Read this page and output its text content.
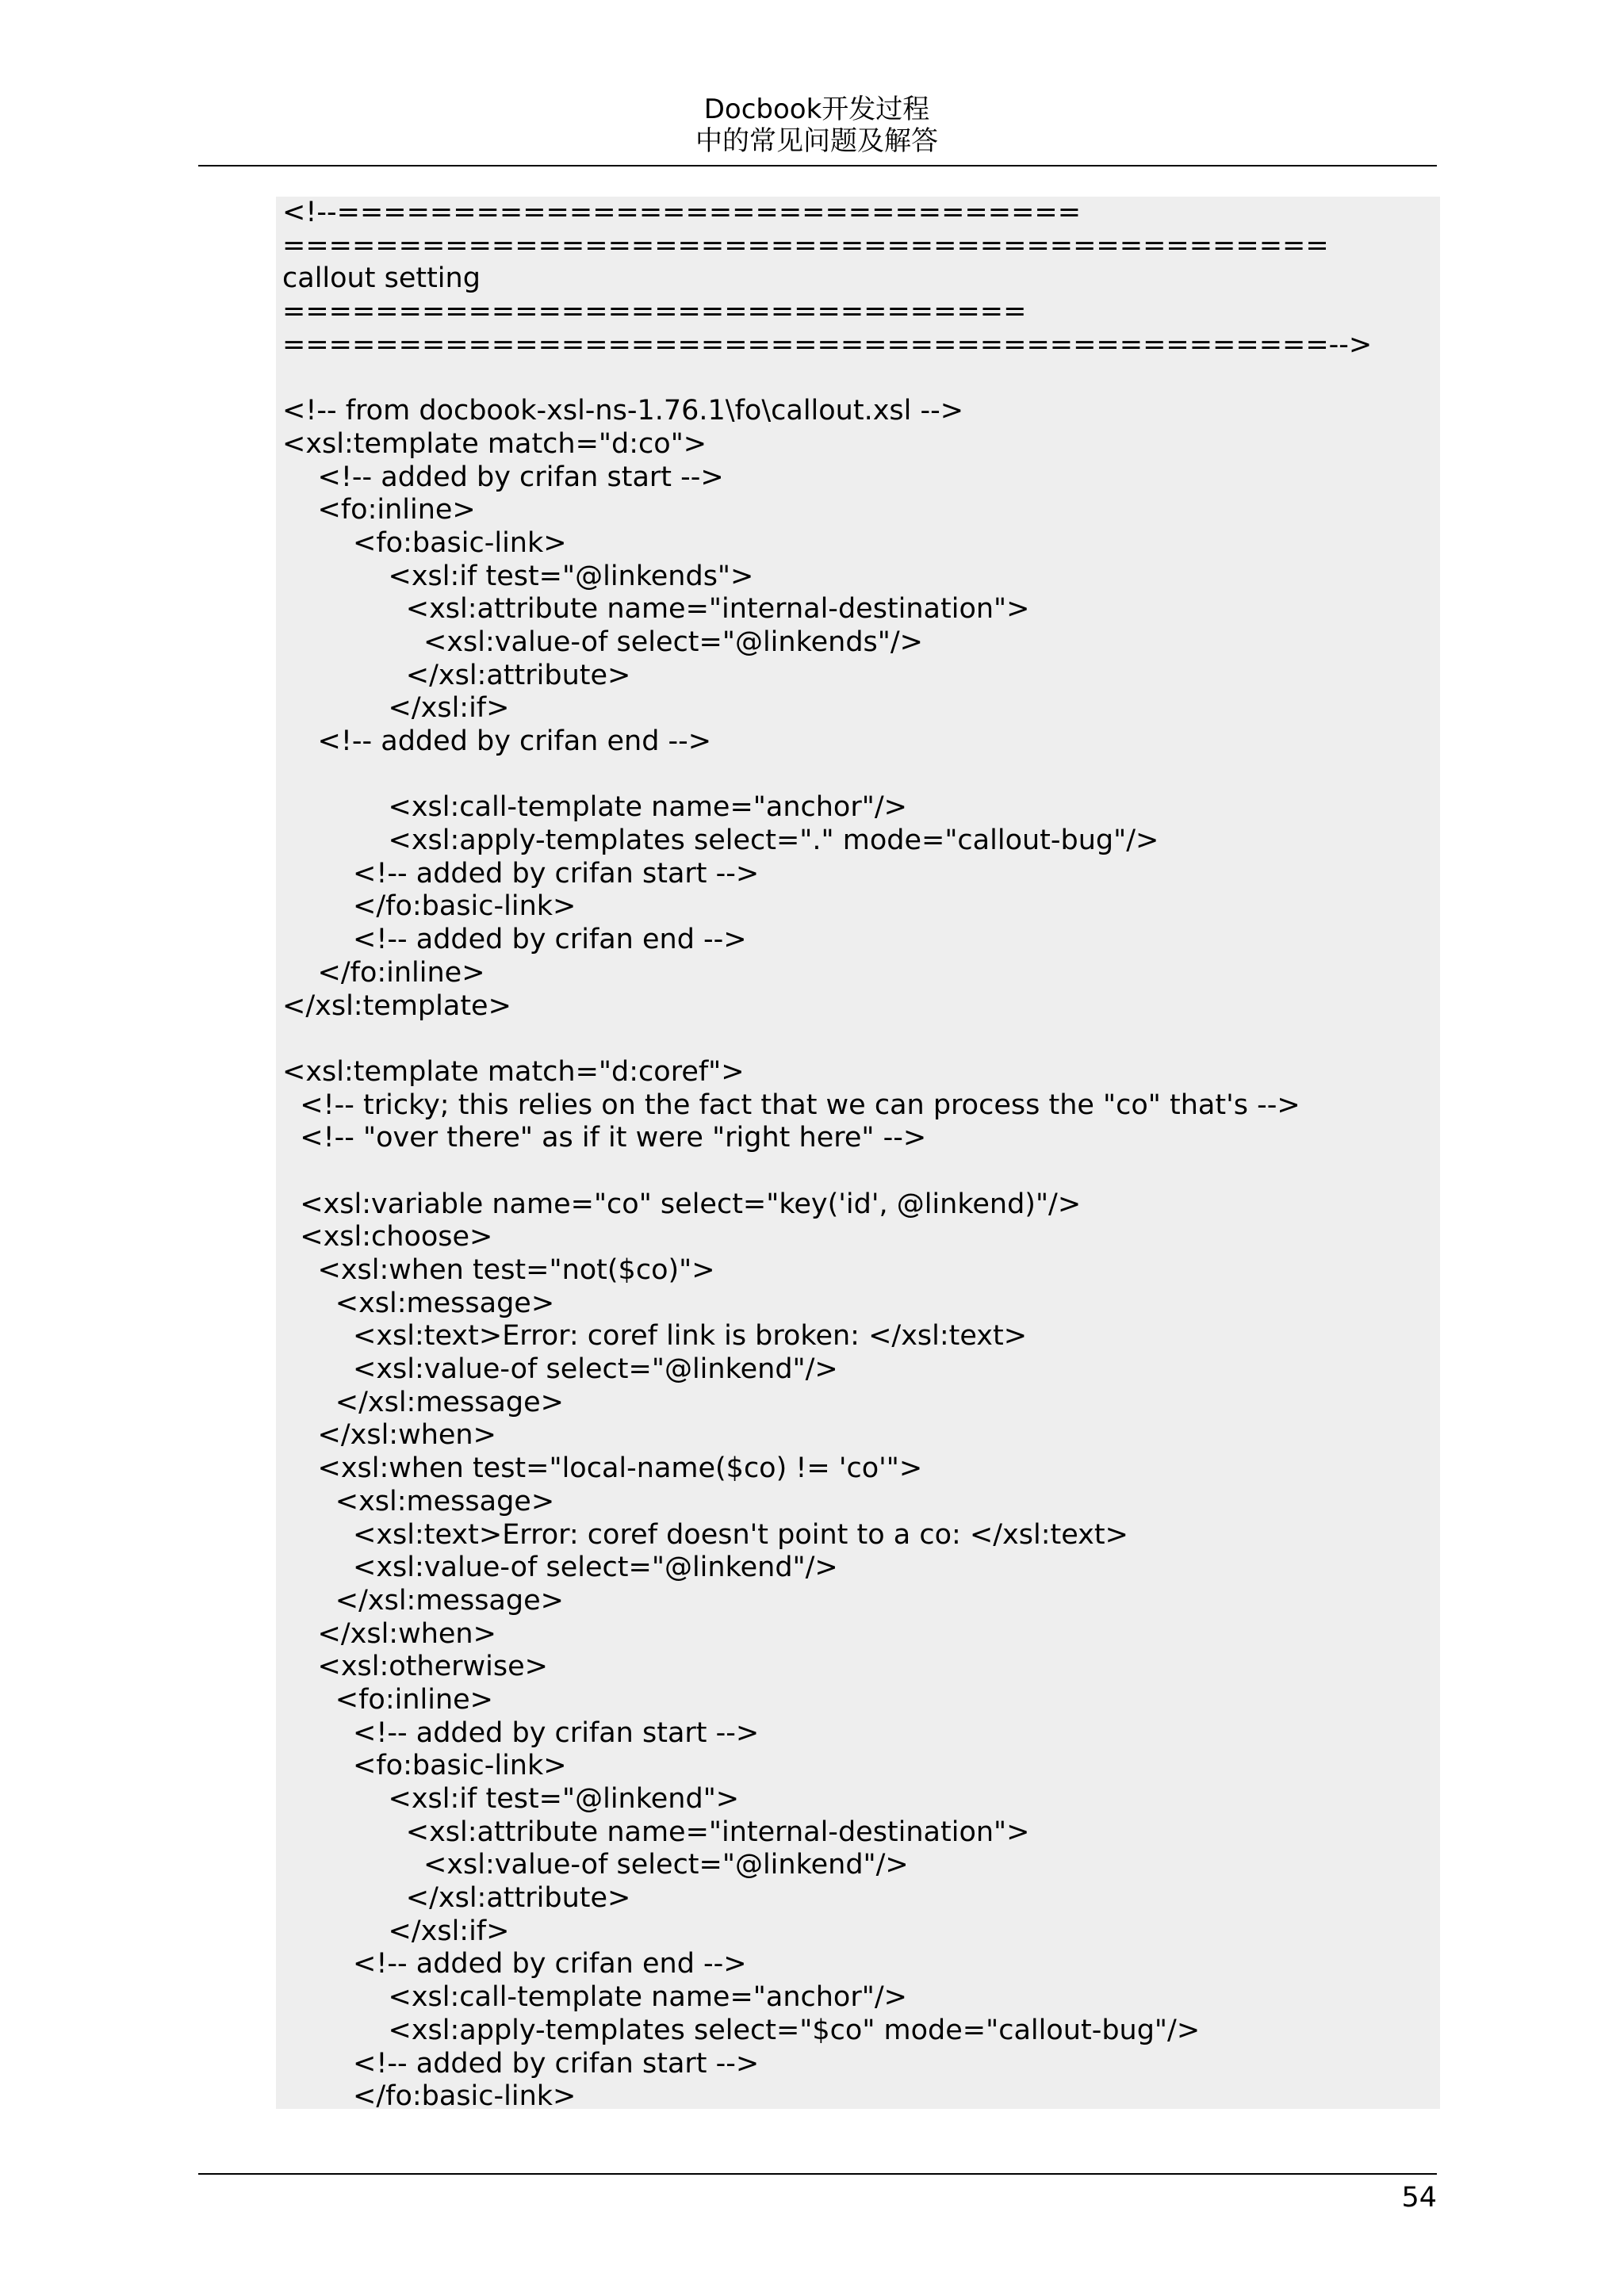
Docbook开发过程
中的常见问题及解答
<!--================================
=============================================
callout setting
================================
=============================================-->
<!-- from docbook-xsl-ns-1.76.1\fo\callout.xsl -->
<xsl:template match="d:co">
<!-- added by crifan start -->
<fo:inline>
<fo:basic-link>
<xsl:if test="@linkends">
<xsl:attribute name="internal-destination">
<xsl:value-of select="@linkends"/>
</xsl:attribute>
</xsl:if>
<!-- added by crifan end -->
<xsl:call-template name="anchor"/>
<xsl:apply-templates select="." mode="callout-bug"/>
<!-- added by crifan start -->
</fo:basic-link>
<!-- added by crifan end -->
</fo:inline>
</xsl:template>
<xsl:template match="d:coref">
<!-- tricky; this relies on the fact that we can process the "co" that's -->
<!-- "over there" as if it were "right here" -->
<xsl:variable name="co" select="key('id', @linkend)"/>
<xsl:choose>
<xsl:when test="not($co)">
<xsl:message>
<xsl:text>Error: coref link is broken: </xsl:text>
<xsl:value-of select="@linkend"/>
</xsl:message>
</xsl:when>
<xsl:when test="local-name($co) != 'co'">
<xsl:message>
<xsl:text>Error: coref doesn't point to a co: </xsl:text>
<xsl:value-of select="@linkend"/>
</xsl:message>
</xsl:when>
<xsl:otherwise>
<fo:inline>
<!-- added by crifan start -->
<fo:basic-link>
<xsl:if test="@linkend">
<xsl:attribute name="internal-destination">
<xsl:value-of select="@linkend"/>
</xsl:attribute>
</xsl:if>
<!-- added by crifan end -->
<xsl:call-template name="anchor"/>
<xsl:apply-templates select="$co" mode="callout-bug"/>
<!-- added by crifan start -->
</fo:basic-link>
54
